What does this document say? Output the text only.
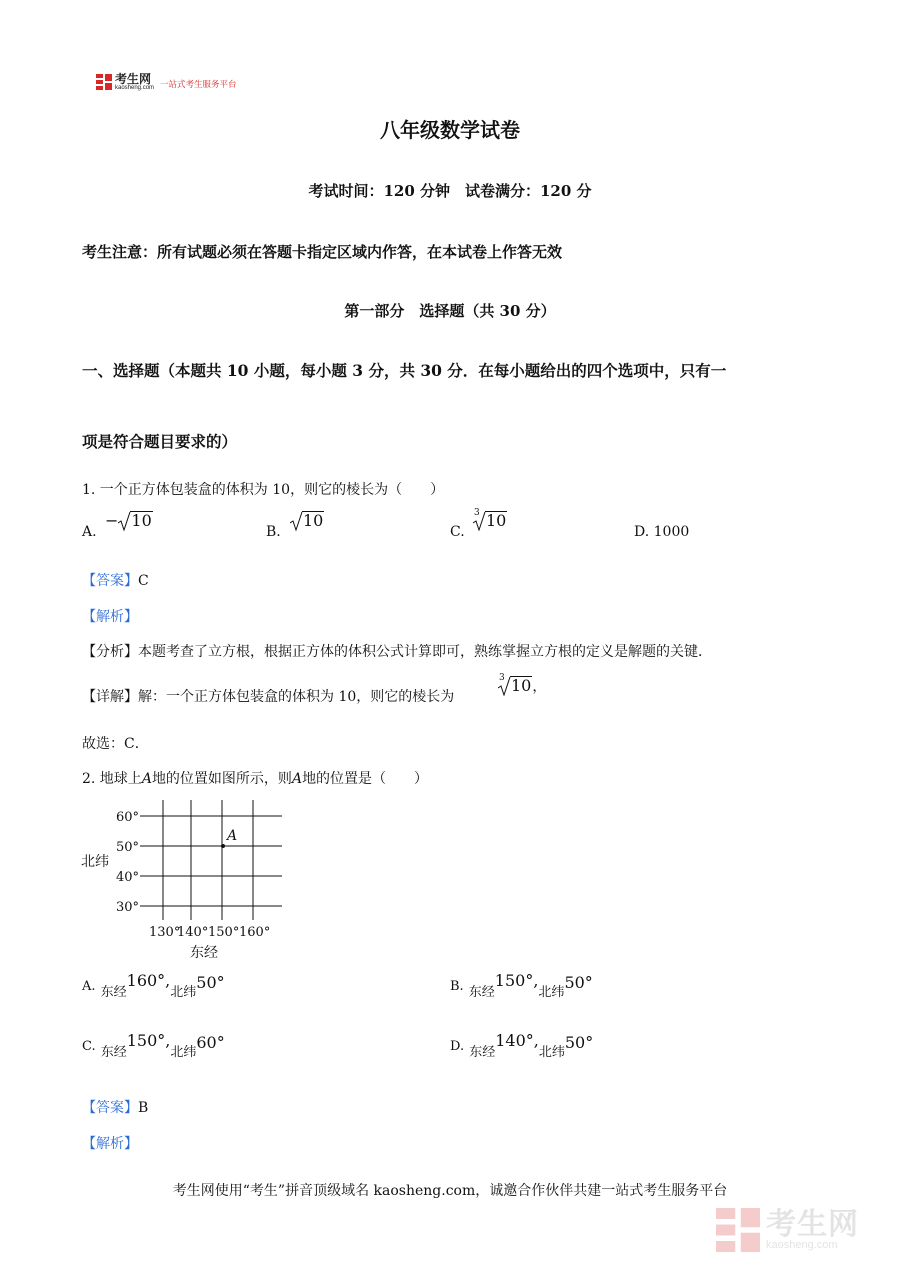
考生网
kaosheng.com 一站式考生服务平台
八年级数学试卷
考试时间：120 分钟　试卷满分：120 分
考生注意：所有试题必须在答题卡指定区域内作答，在本试卷上作答无效
第一部分　选择题（共 30 分）
一、选择题（本题共 10 小题，每小题 3 分，共 30 分．在每小题给出的四个选项中，只有一
项是符合题目要求的）
1. 一个正方体包装盒的体积为 10，则它的棱长为（　　）
A.
− 10
B.
10
C.
3 10
D. 1000
【答案】C
【解析】
【分析】本题考查了立方根，根据正方体的体积公式计算即可，熟练掌握立方根的定义是解题的关键．
【详解】解：一个正方体包装盒的体积为 10，则它的棱长为
3 10，
故选：C．
2. 地球上A地的位置如图所示，则A地的位置是（　　）
60°
50°
40°
30°
130°
140° 150° 160°
北纬
东经
A
A. $_{东经}160^\circ,_{北纬}50^\circ$	B. $_{东经}150^\circ,_{北纬}50^\circ$
C. $_{东经}150^\circ,_{北纬}60^\circ$	D. $_{东经}140^\circ,_{北纬}50^\circ$
【答案】B
【解析】
考生网使用“考生”拼音顶级域名 kaosheng.com，诚邀合作伙伴共建一站式考生服务平台
考生网
kaosheng.com
